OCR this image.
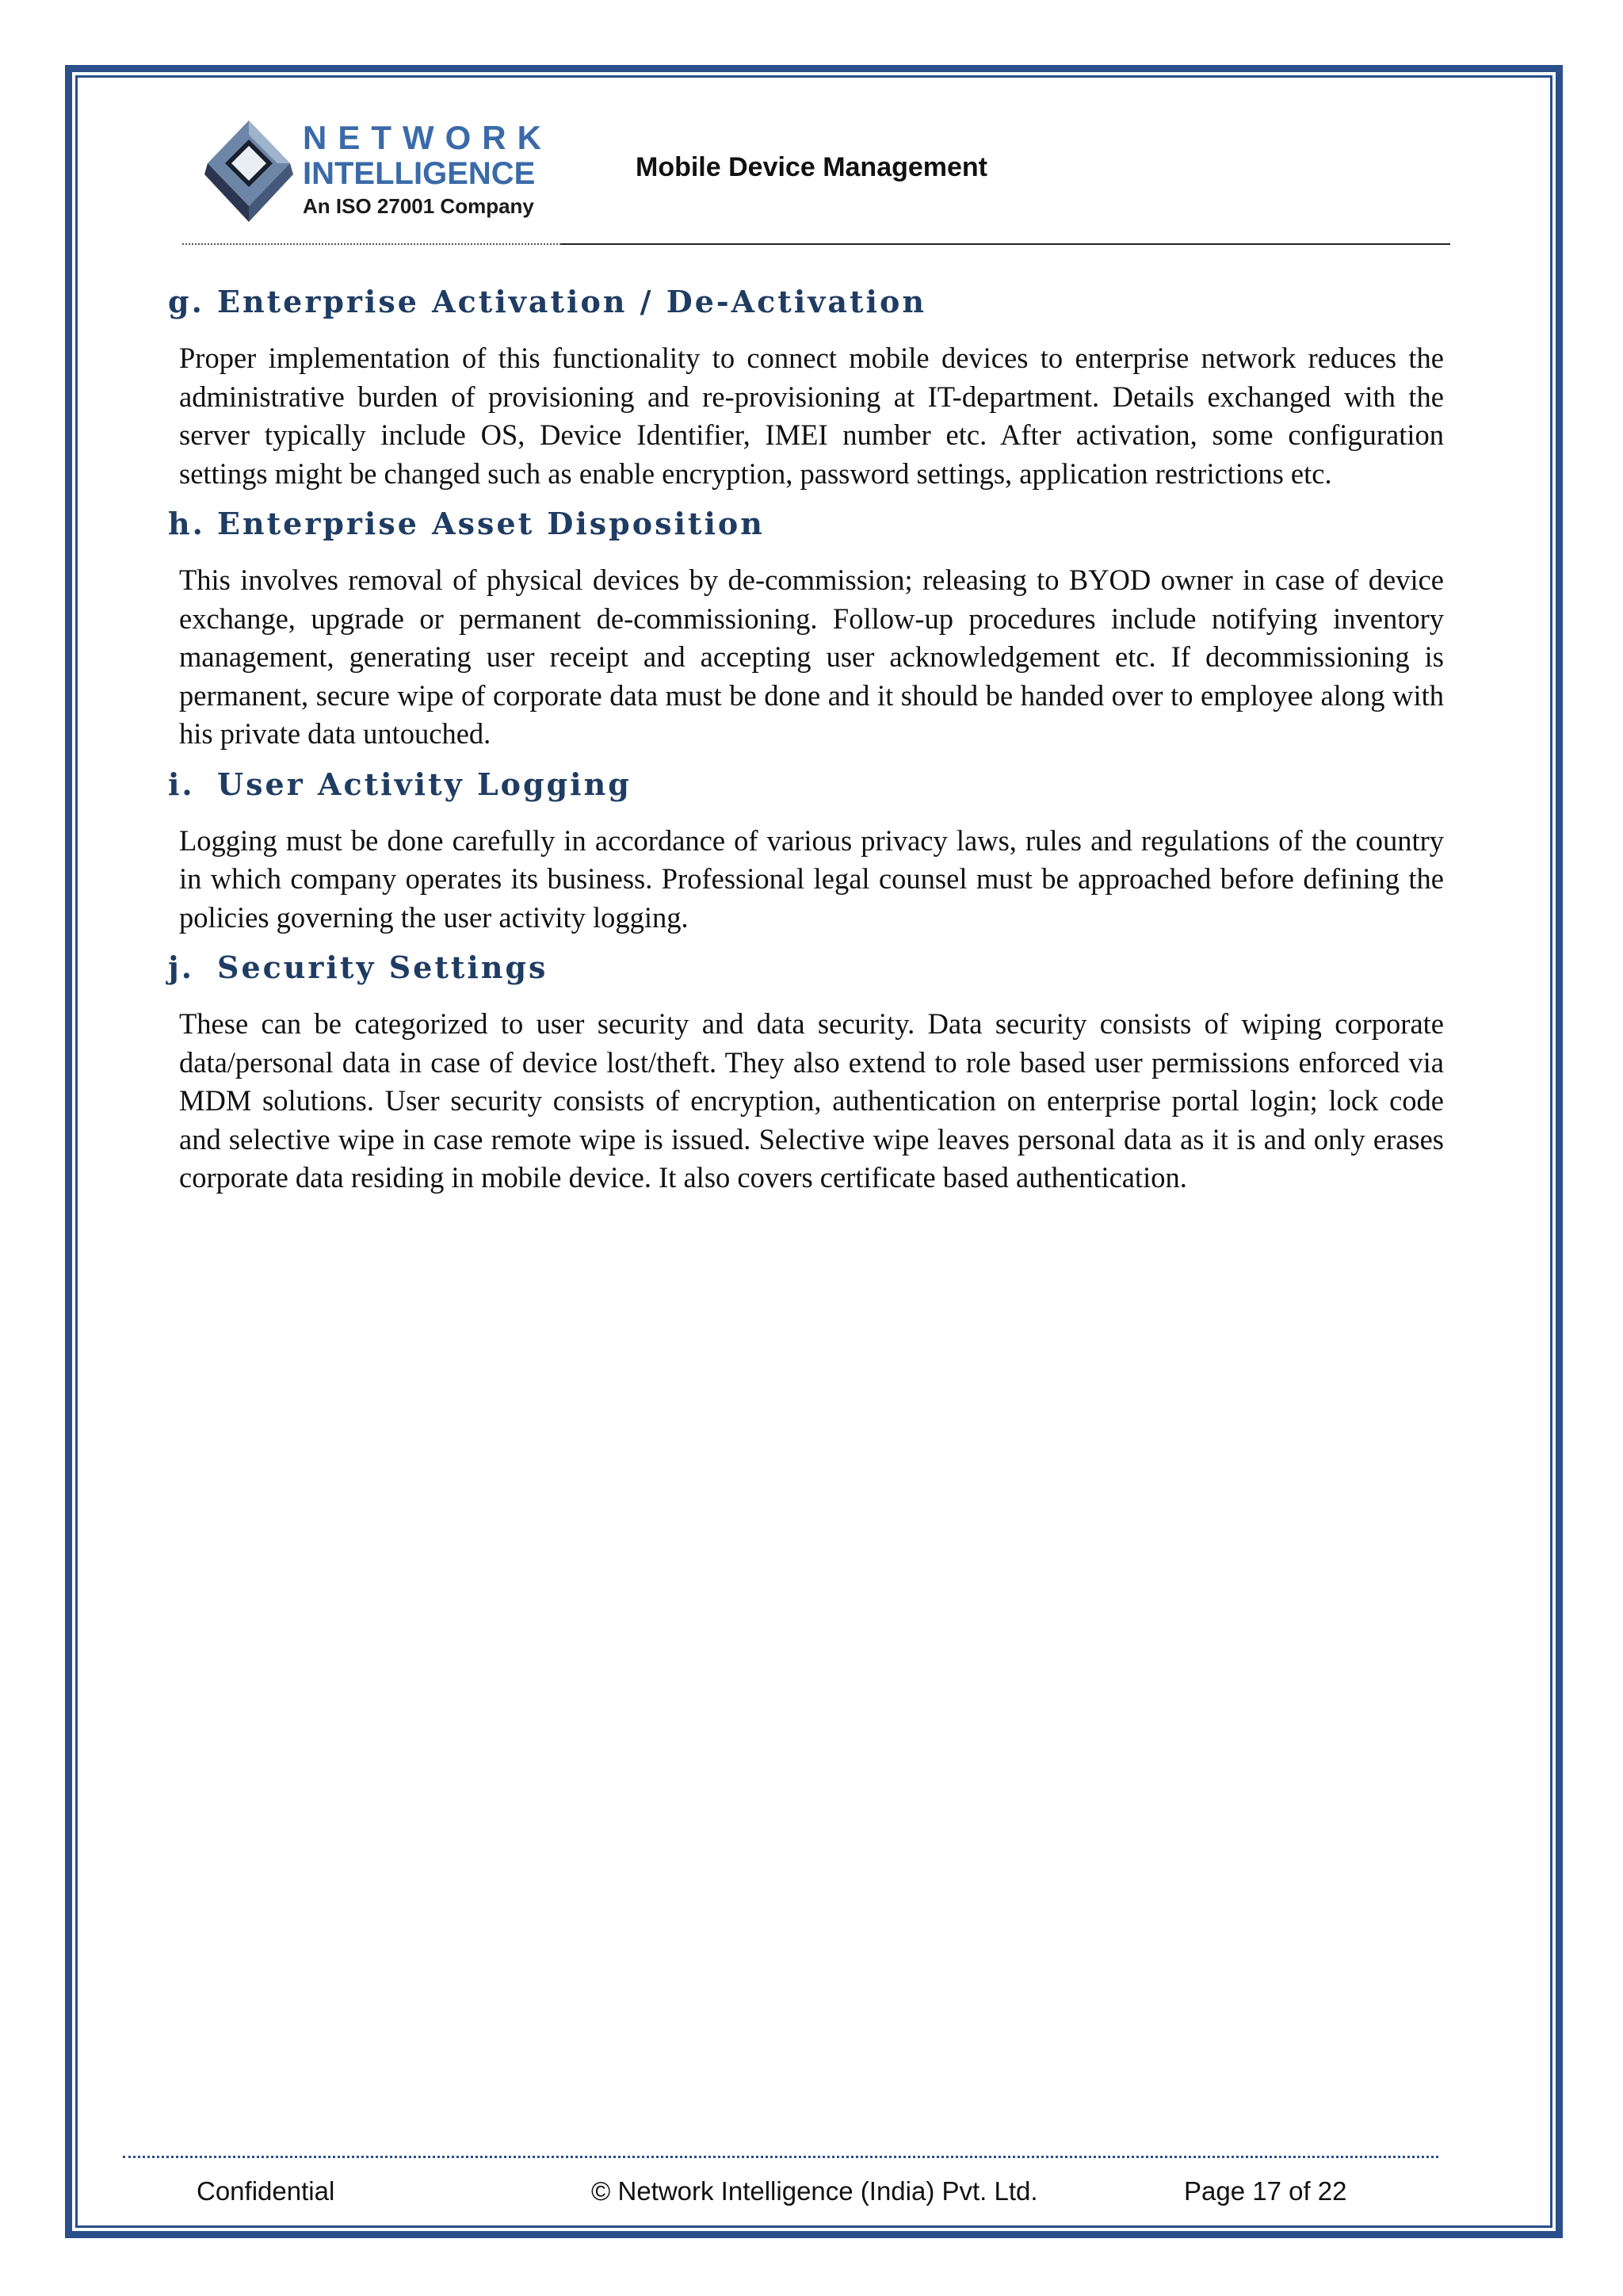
NETWORK
INTELLIGENCE
An ISO 27001 Company
Mobile Device Management
g. Enterprise Activation / De-Activation

Proper implementation of this functionality to connect mobile devices to enterprise network reduces the administrative burden of provisioning and re-provisioning at IT-department. Details exchanged with the server typically include OS, Device Identifier, IMEI number etc. After activation, some configuration settings might be changed such as enable encryption, password settings, application restrictions etc.

h. Enterprise Asset Disposition

This involves removal of physical devices by de-commission; releasing to BYOD owner in case of device exchange, upgrade or permanent de-commissioning. Follow-up procedures include notifying inventory management, generating user receipt and accepting user acknowledgement etc. If decommissioning is permanent, secure wipe of corporate data must be done and it should be handed over to employee along with his private data untouched.

i. User Activity Logging

Logging must be done carefully in accordance of various privacy laws, rules and regulations of the country in which company operates its business. Professional legal counsel must be approached before defining the policies governing the user activity logging.

j. Security Settings

These can be categorized to user security and data security. Data security consists of wiping corporate data/personal data in case of device lost/theft. They also extend to role based user permissions enforced via MDM solutions. User security consists of encryption, authentication on enterprise portal login; lock code and selective wipe in case remote wipe is issued. Selective wipe leaves personal data as it is and only erases corporate data residing in mobile device. It also covers certificate based authentication.

Confidential	© Network Intelligence (India) Pvt. Ltd.	Page 17 of 22
